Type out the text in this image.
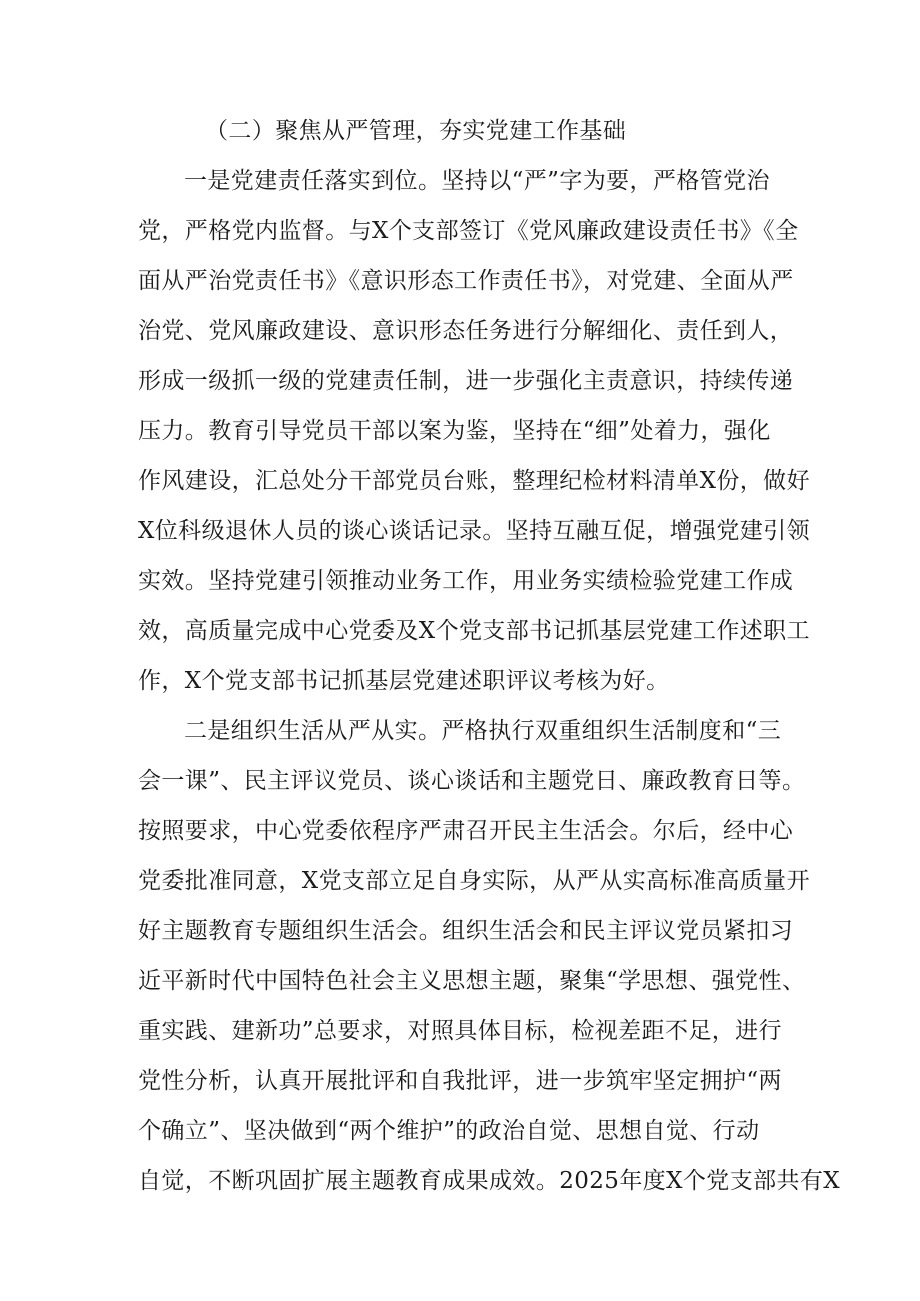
（二）聚焦从严管理，夯实党建工作基础
一是党建责任落实到位。坚持以“严”字为要，严格管党治
党，严格党内监督。与X个支部签订《党风廉政建设责任书》《全
面从严治党责任书》《意识形态工作责任书》，对党建、全面从严
治党、党风廉政建设、意识形态任务进行分解细化、责任到人，
形成一级抓一级的党建责任制，进一步强化主责意识，持续传递
压力。教育引导党员干部以案为鉴，坚持在“细”处着力，强化
作风建设，汇总处分干部党员台账，整理纪检材料清单X份，做好
X位科级退休人员的谈心谈话记录。坚持互融互促，增强党建引领
实效。坚持党建引领推动业务工作，用业务实绩检验党建工作成
效，高质量完成中心党委及X个党支部书记抓基层党建工作述职工
作，X个党支部书记抓基层党建述职评议考核为好。
二是组织生活从严从实。严格执行双重组织生活制度和“三
会一课”、民主评议党员、谈心谈话和主题党日、廉政教育日等。
按照要求，中心党委依程序严肃召开民主生活会。尔后，经中心
党委批准同意，X党支部立足自身实际，从严从实高标准高质量开
好主题教育专题组织生活会。组织生活会和民主评议党员紧扣习
近平新时代中国特色社会主义思想主题，聚集“学思想、强党性、
重实践、建新功”总要求，对照具体目标，检视差距不足，进行
党性分析，认真开展批评和自我批评，进一步筑牢坚定拥护“两
个确立”、坚决做到“两个维护”的政治自觉、思想自觉、行动
自觉，不断巩固扩展主题教育成果成效。2025年度X个党支部共有X
